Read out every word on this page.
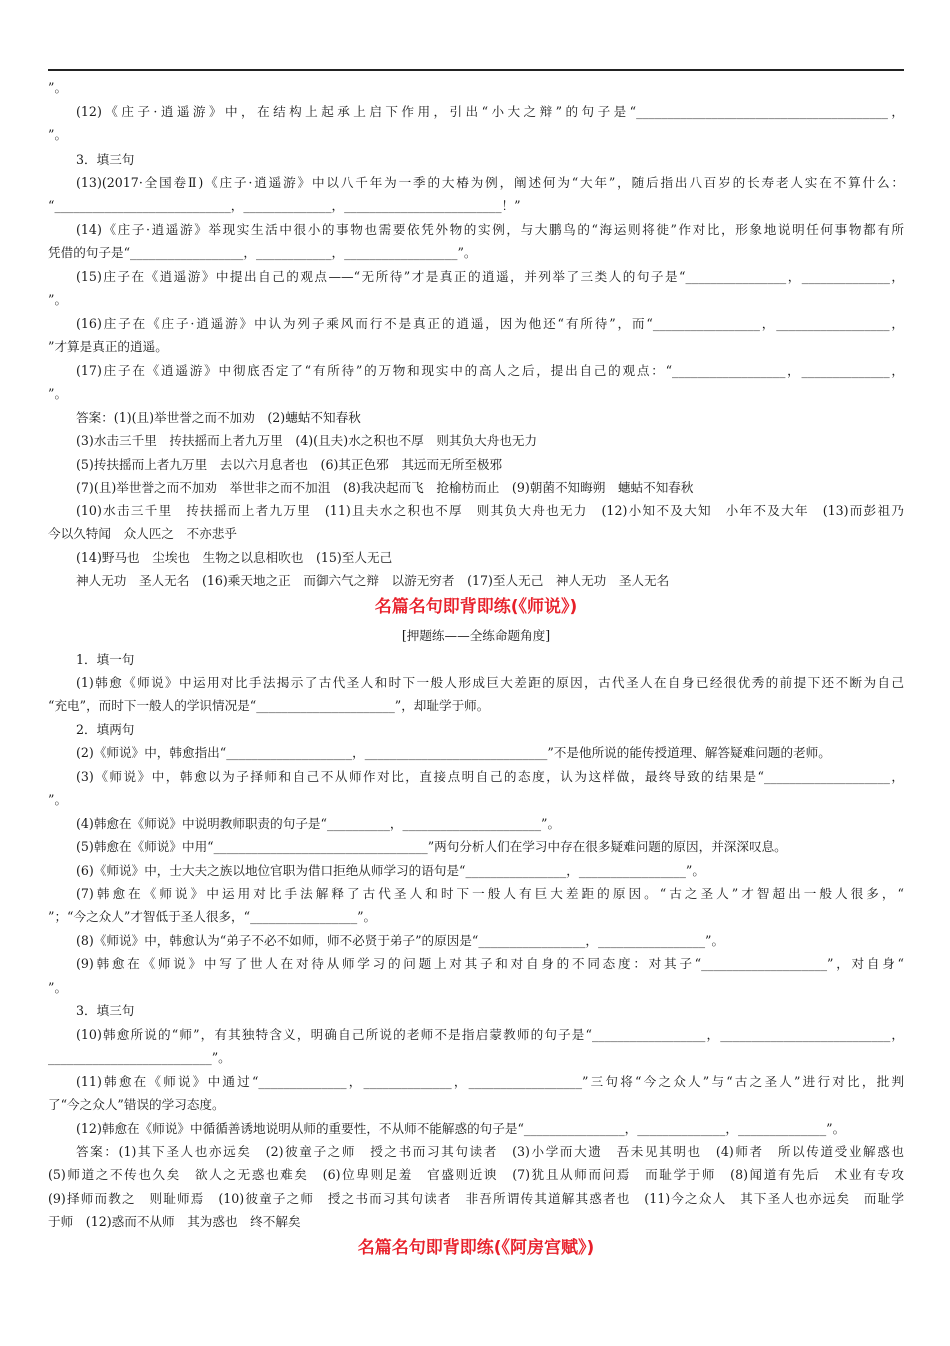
”。
(12)《庄子·逍遥游》中，在结构上起承上启下作用，引出“小大之辩”的句子是“________________________________________，
”。
3．填三句
(13)(2017·全国卷Ⅱ)《庄子·逍遥游》中以八千年为一季的大椿为例，阐述何为“大年”，随后指出八百岁的长寿老人实在不算什么：
“____________________________，______________，_________________________！”
(14)《庄子·逍遥游》举现实生活中很小的事物也需要依凭外物的实例，与大鹏鸟的“海运则将徙”作对比，形象地说明任何事物都有所
凭借的句子是“__________________，____________，__________________”。
(15)庄子在《逍遥游》中提出自己的观点——“无所待”才是真正的逍遥，并列举了三类人的句子是“________________，______________，
”。
(16)庄子在《庄子·逍遥游》中认为列子乘风而行不是真正的逍遥，因为他还“有所待”，而“_________________，__________________，
”才算是真正的逍遥。
(17)庄子在《逍遥游》中彻底否定了“有所待”的万物和现实中的高人之后，提出自己的观点：“__________________，______________，
”。
答案：(1)(且)举世誉之而不加劝　(2)蟪蛄不知春秋
(3)水击三千里　抟扶摇而上者九万里　(4)(且夫)水之积也不厚　则其负大舟也无力
(5)抟扶摇而上者九万里　去以六月息者也　(6)其正色邪　其远而无所至极邪
(7)(且)举世誉之而不加劝　举世非之而不加沮　(8)我决起而飞　抢榆枋而止　(9)朝菌不知晦朔　蟪蛄不知春秋
(10)水击三千里　抟扶摇而上者九万里　(11)且夫水之积也不厚　则其负大舟也无力　(12)小知不及大知　小年不及大年　(13)而彭祖乃
今以久特闻　众人匹之　不亦悲乎
(14)野马也　尘埃也　生物之以息相吹也　(15)至人无己
神人无功　圣人无名　(16)乘天地之正　而御六气之辩　以游无穷者　(17)至人无己　神人无功　圣人无名
1．填一句
(1)韩愈《师说》中运用对比手法揭示了古代圣人和时下一般人形成巨大差距的原因，古代圣人在自身已经很优秀的前提下还不断为自己
“充电”，而时下一般人的学识情况是“______________________”，却耻学于师。
2．填两句
(2)《师说》中，韩愈指出“____________________，_____________________________”不是他所说的能传授道理、解答疑难问题的老师。
(3)《师说》中，韩愈以为子择师和自己不从师作对比，直接点明自己的态度，认为这样做，最终导致的结果是“____________________，
”。
(4)韩愈在《师说》中说明教师职责的句子是“__________，______________________”。
(5)韩愈在《师说》中用“__________________________________”两句分析人们在学习中存在很多疑难问题的原因，并深深叹息。
(6)《师说》中，士大夫之族以地位官职为借口拒绝从师学习的语句是“________________，_________________”。
(7)韩愈在《师说》中运用对比手法解释了古代圣人和时下一般人有巨大差距的原因。“古之圣人”才智超出一般人很多，“
”；“今之众人”才智低于圣人很多，“_________________”。
(8)《师说》中，韩愈认为“弟子不必不如师，师不必贤于弟子”的原因是“_________________，_________________”。
(9)韩愈在《师说》中写了世人在对待从师学习的问题上对其子和对自身的不同态度：对其子“____________________”，对自身“
”。
3．填三句
(10)韩愈所说的“师”，有其独特含义，明确自己所说的老师不是指启蒙教师的句子是“__________________，___________________________，
__________________________”。
(11)韩愈在《师说》中通过“______________，______________，__________________”三句将“今之众人”与“古之圣人”进行对比，批判
了“今之众人”错误的学习态度。
(12)韩愈在《师说》中循循善诱地说明从师的重要性，不从师不能解惑的句子是“________________，______________，______________”。
答案：(1)其下圣人也亦远矣　(2)彼童子之师　授之书而习其句读者　(3)小学而大遗　吾未见其明也　(4)师者　所以传道受业解惑也
(5)师道之不传也久矣　欲人之无惑也难矣　(6)位卑则足羞　官盛则近谀　(7)犹且从师而问焉　而耻学于师　(8)闻道有先后　术业有专攻
(9)择师而教之　则耻师焉　(10)彼童子之师　授之书而习其句读者　非吾所谓传其道解其惑者也　(11)今之众人　其下圣人也亦远矣　而耻学
于师　(12)惑而不从师　其为惑也　终不解矣
名篇名句即背即练(《师说》)
名篇名句即背即练(《阿房宫赋》)
[押题练——全练命题角度]
